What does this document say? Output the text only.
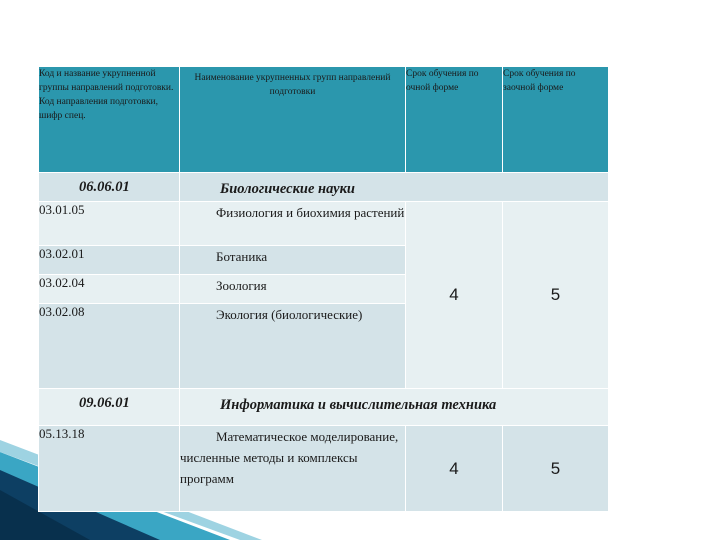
Код и название укрупненной группы направлений подготовки. Код направления подготовки, шифр спец.	Наименование укрупненных групп направлений подготовки	Срок обучения по очной форме	Срок обучения по заочной форме
06.06.01	Биологические науки		
03.01.05	Физиология и биохимия растений	4	5
03.02.01	Ботаника		
03.02.04	Зоология		
03.02.08	Экология (биологические)		
09.06.01	Информатика и вычислительная техника		
05.13.18	Математическое моделирование, численные методы и комплексы программ	4	5
